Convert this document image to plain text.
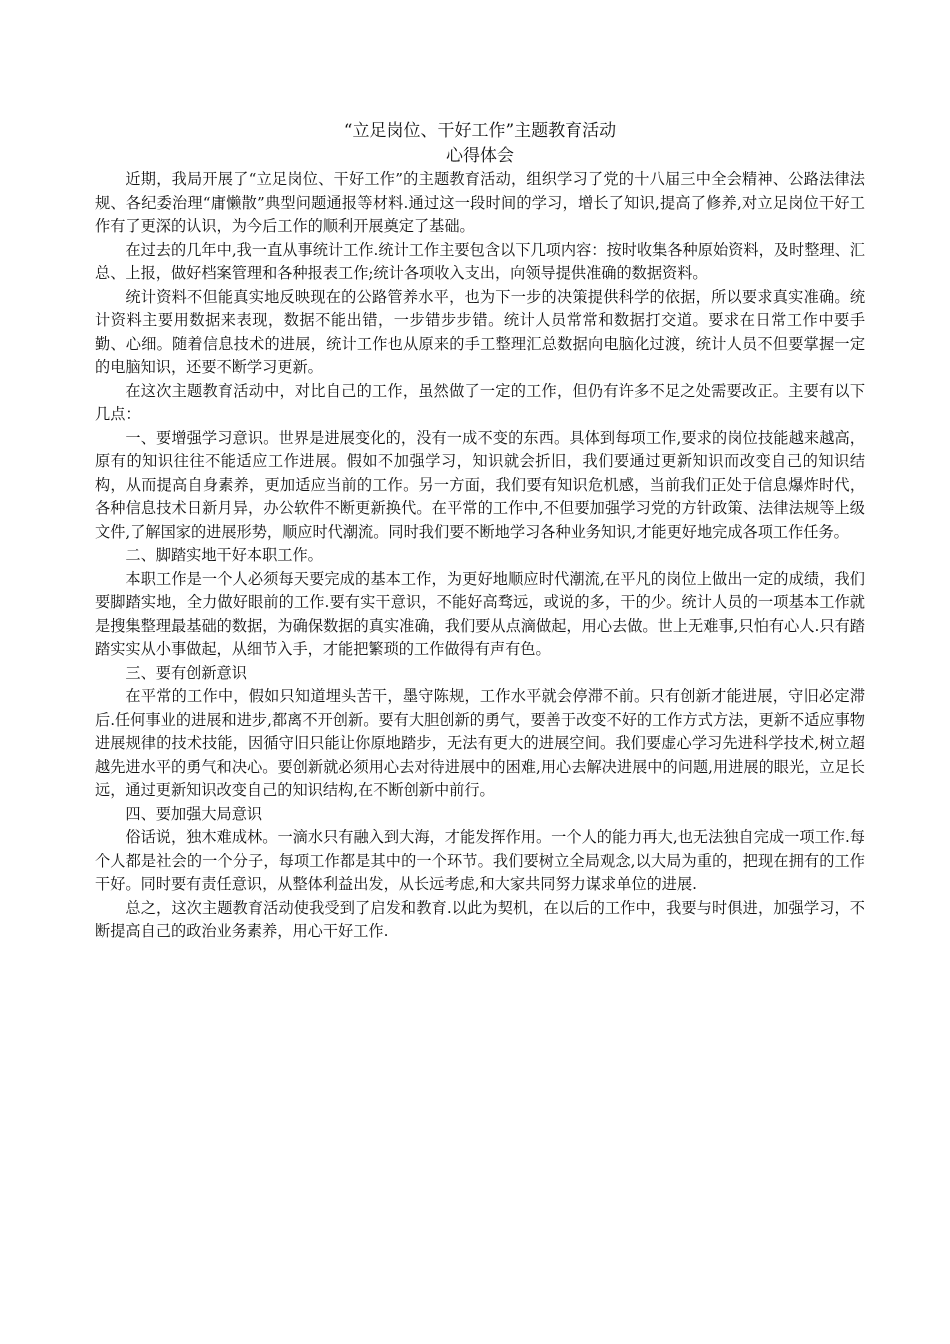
“立足岗位、干好工作”主题教育活动
心得体会

近期，我局开展了“立足岗位、干好工作”的主题教育活动，组织学习了党的十八届三中全会精神、公路法律法规、各纪委治理“庸懒散”典型问题通报等材料.通过这一段时间的学习，增长了知识,提高了修养,对立足岗位干好工作有了更深的认识，为今后工作的顺利开展奠定了基础。

在过去的几年中,我一直从事统计工作.统计工作主要包含以下几项内容：按时收集各种原始资料，及时整理、汇总、上报，做好档案管理和各种报表工作;统计各项收入支出，向领导提供准确的数据资料。

统计资料不但能真实地反映现在的公路管养水平，也为下一步的决策提供科学的依据，所以要求真实准确。统计资料主要用数据来表现，数据不能出错，一步错步步错。统计人员常常和数据打交道。要求在日常工作中要手勤、心细。随着信息技术的进展，统计工作也从原来的手工整理汇总数据向电脑化过渡，统计人员不但要掌握一定的电脑知识，还要不断学习更新。

在这次主题教育活动中，对比自己的工作，虽然做了一定的工作，但仍有许多不足之处需要改正。主要有以下几点：

一、要增强学习意识。世界是进展变化的，没有一成不变的东西。具体到每项工作,要求的岗位技能越来越高，原有的知识往往不能适应工作进展。假如不加强学习，知识就会折旧，我们要通过更新知识而改变自己的知识结构，从而提高自身素养，更加适应当前的工作。另一方面，我们要有知识危机感，当前我们正处于信息爆炸时代，各种信息技术日新月异，办公软件不断更新换代。在平常的工作中,不但要加强学习党的方针政策、法律法规等上级文件,了解国家的进展形势，顺应时代潮流。同时我们要不断地学习各种业务知识,才能更好地完成各项工作任务。

二、脚踏实地干好本职工作。

本职工作是一个人必须每天要完成的基本工作，为更好地顺应时代潮流,在平凡的岗位上做出一定的成绩，我们要脚踏实地，全力做好眼前的工作.要有实干意识，不能好高骛远，或说的多，干的少。统计人员的一项基本工作就是搜集整理最基础的数据，为确保数据的真实准确，我们要从点滴做起，用心去做。世上无难事,只怕有心人.只有踏踏实实从小事做起，从细节入手，才能把繁琐的工作做得有声有色。

三、要有创新意识

在平常的工作中，假如只知道埋头苦干，墨守陈规，工作水平就会停滞不前。只有创新才能进展，守旧必定滞后.任何事业的进展和进步,都离不开创新。要有大胆创新的勇气，要善于改变不好的工作方式方法，更新不适应事物进展规律的技术技能，因循守旧只能让你原地踏步，无法有更大的进展空间。我们要虚心学习先进科学技术,树立超越先进水平的勇气和决心。要创新就必须用心去对待进展中的困难,用心去解决进展中的问题,用进展的眼光，立足长远，通过更新知识改变自己的知识结构,在不断创新中前行。

四、要加强大局意识

俗话说，独木难成林。一滴水只有融入到大海，才能发挥作用。一个人的能力再大,也无法独自完成一项工作.每个人都是社会的一个分子，每项工作都是其中的一个环节。我们要树立全局观念,以大局为重的，把现在拥有的工作干好。同时要有责任意识，从整体利益出发，从长远考虑,和大家共同努力谋求单位的进展.

总之，这次主题教育活动使我受到了启发和教育.以此为契机，在以后的工作中，我要与时俱进，加强学习，不断提高自己的政治业务素养，用心干好工作.
